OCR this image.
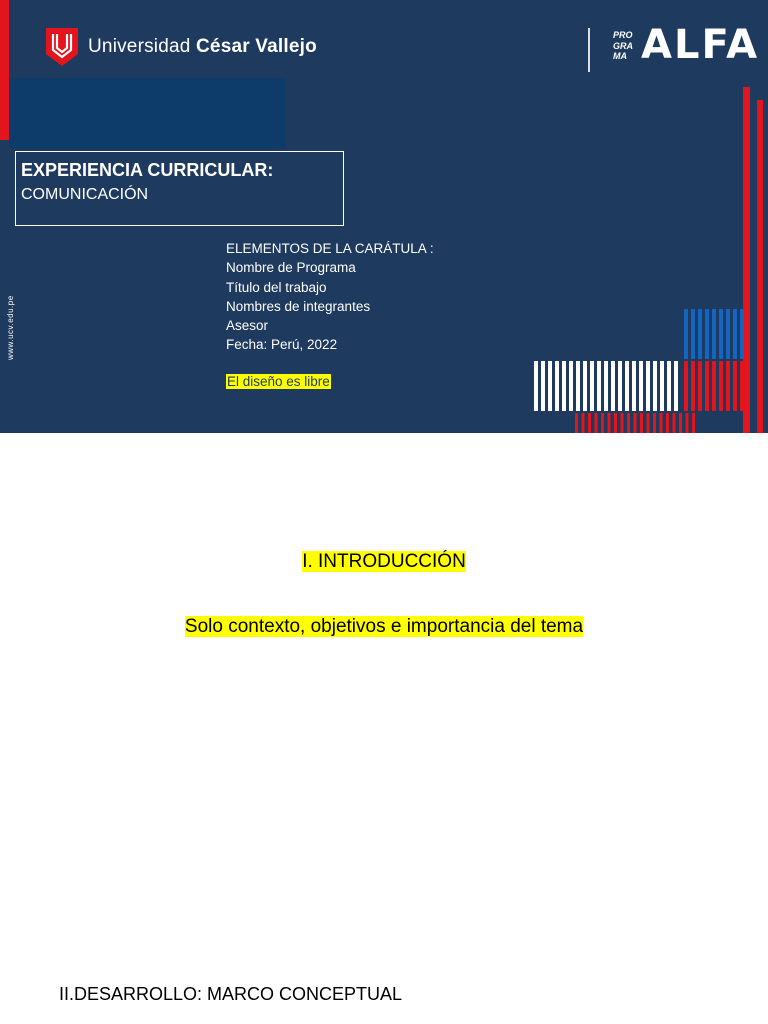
Universidad César Vallejo
PRO
GRA
MA ALFA
EXPERIENCIA CURRICULAR:
COMUNICACIÓN
ELEMENTOS DE LA CARÁTULA :
Nombre de Programa
Título del trabajo
Nombres de integrantes
Asesor
Fecha: Perú, 2022
El diseño es libre
www.ucv.edu.pe
I. INTRODUCCIÓN
Solo contexto, objetivos e importancia del tema
II.DESARROLLO: MARCO CONCEPTUAL
